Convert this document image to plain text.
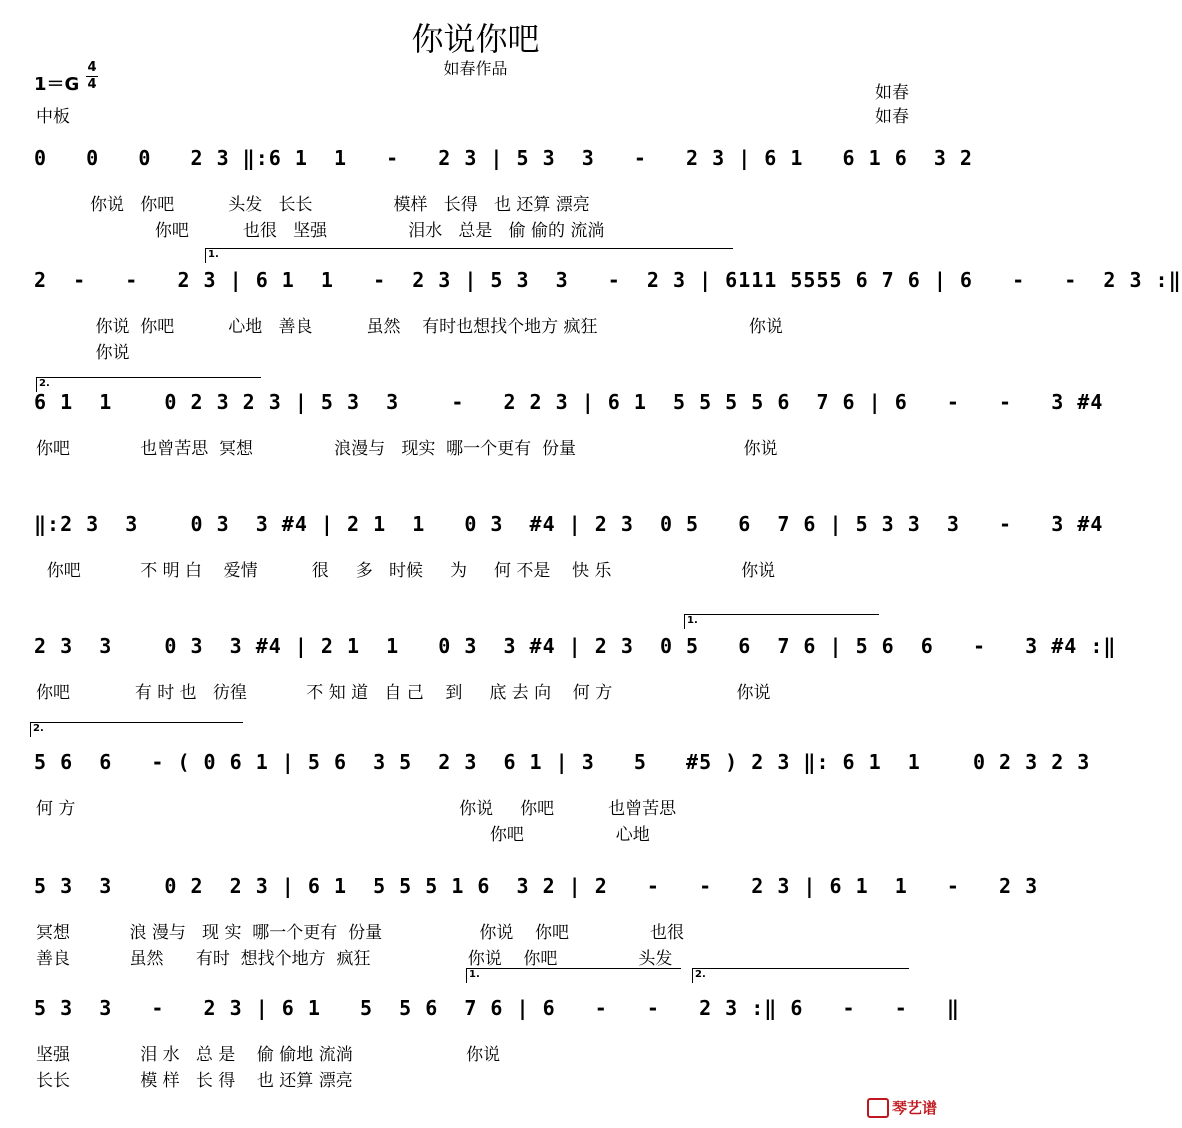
你说你吧
如春作品
1＝G
4
4
中板
如春
如春
0   0   0   2 3 ‖:6 1  1   -   2 3 | 5 3  3   -   2 3 | 6 1   6 1 6  3 2
你说   你吧          头发   长长               模样   长得   也 还算 漂亮
你吧          也很   坚强               泪水   总是   偷 偷的 流淌
1.
2  -   -   2 3 | 6 1  1   -  2 3 | 5 3  3   -  2 3 | 6111 5555 6 7 6 | 6   -   -  2 3 :‖
你说  你吧          心地   善良          虽然    有时也想找个地方 疯狂                            你说
你说
2.
6 1  1    0 2 3 2 3 | 5 3  3    -   2 2 3 | 6 1  5 5 5 5 6  7 6 | 6   -   -   3 #4
你吧             也曾苦思  冥想               浪漫与   现实  哪一个更有  份量                               你说
‖:2 3  3    0 3  3 #4 | 2 1  1   0 3  #4 | 2 3  0 5   6  7 6 | 5 3 3  3   -   3 #4
你吧           不 明 白    爱情          很     多   时候     为     何 不是    快 乐                        你说
1.
2 3  3    0 3  3 #4 | 2 1  1   0 3  3 #4 | 2 3  0 5   6  7 6 | 5 6  6   -   3 #4 :‖
你吧            有 时 也   彷徨           不 知 道   自 己    到     底 去 向    何 方                       你说
2.
5 6  6   - ( 0 6 1 | 5 6  3 5  2 3  6 1 | 3   5   #5 ) 2 3 ‖: 6 1  1    0 2 3 2 3
何 方                                                                       你说     你吧          也曾苦思
你吧                 心地
5 3  3    0 2  2 3 | 6 1  5 5 5 1 6  3 2 | 2   -   -   2 3 | 6 1  1   -   2 3
冥想           浪 漫与   现 实  哪一个更有  份量                  你说    你吧               也很
善良           虽然      有时  想找个地方  疯狂                  你说    你吧               头发
1.	2.
5 3  3   -   2 3 | 6 1   5  5 6  7 6 | 6   -   -   2 3 :‖ 6   -   -   ‖
坚强             泪 水   总 是    偷 偷地 流淌                     你说
长长             模 样   长 得    也 还算 漂亮
琴艺谱
